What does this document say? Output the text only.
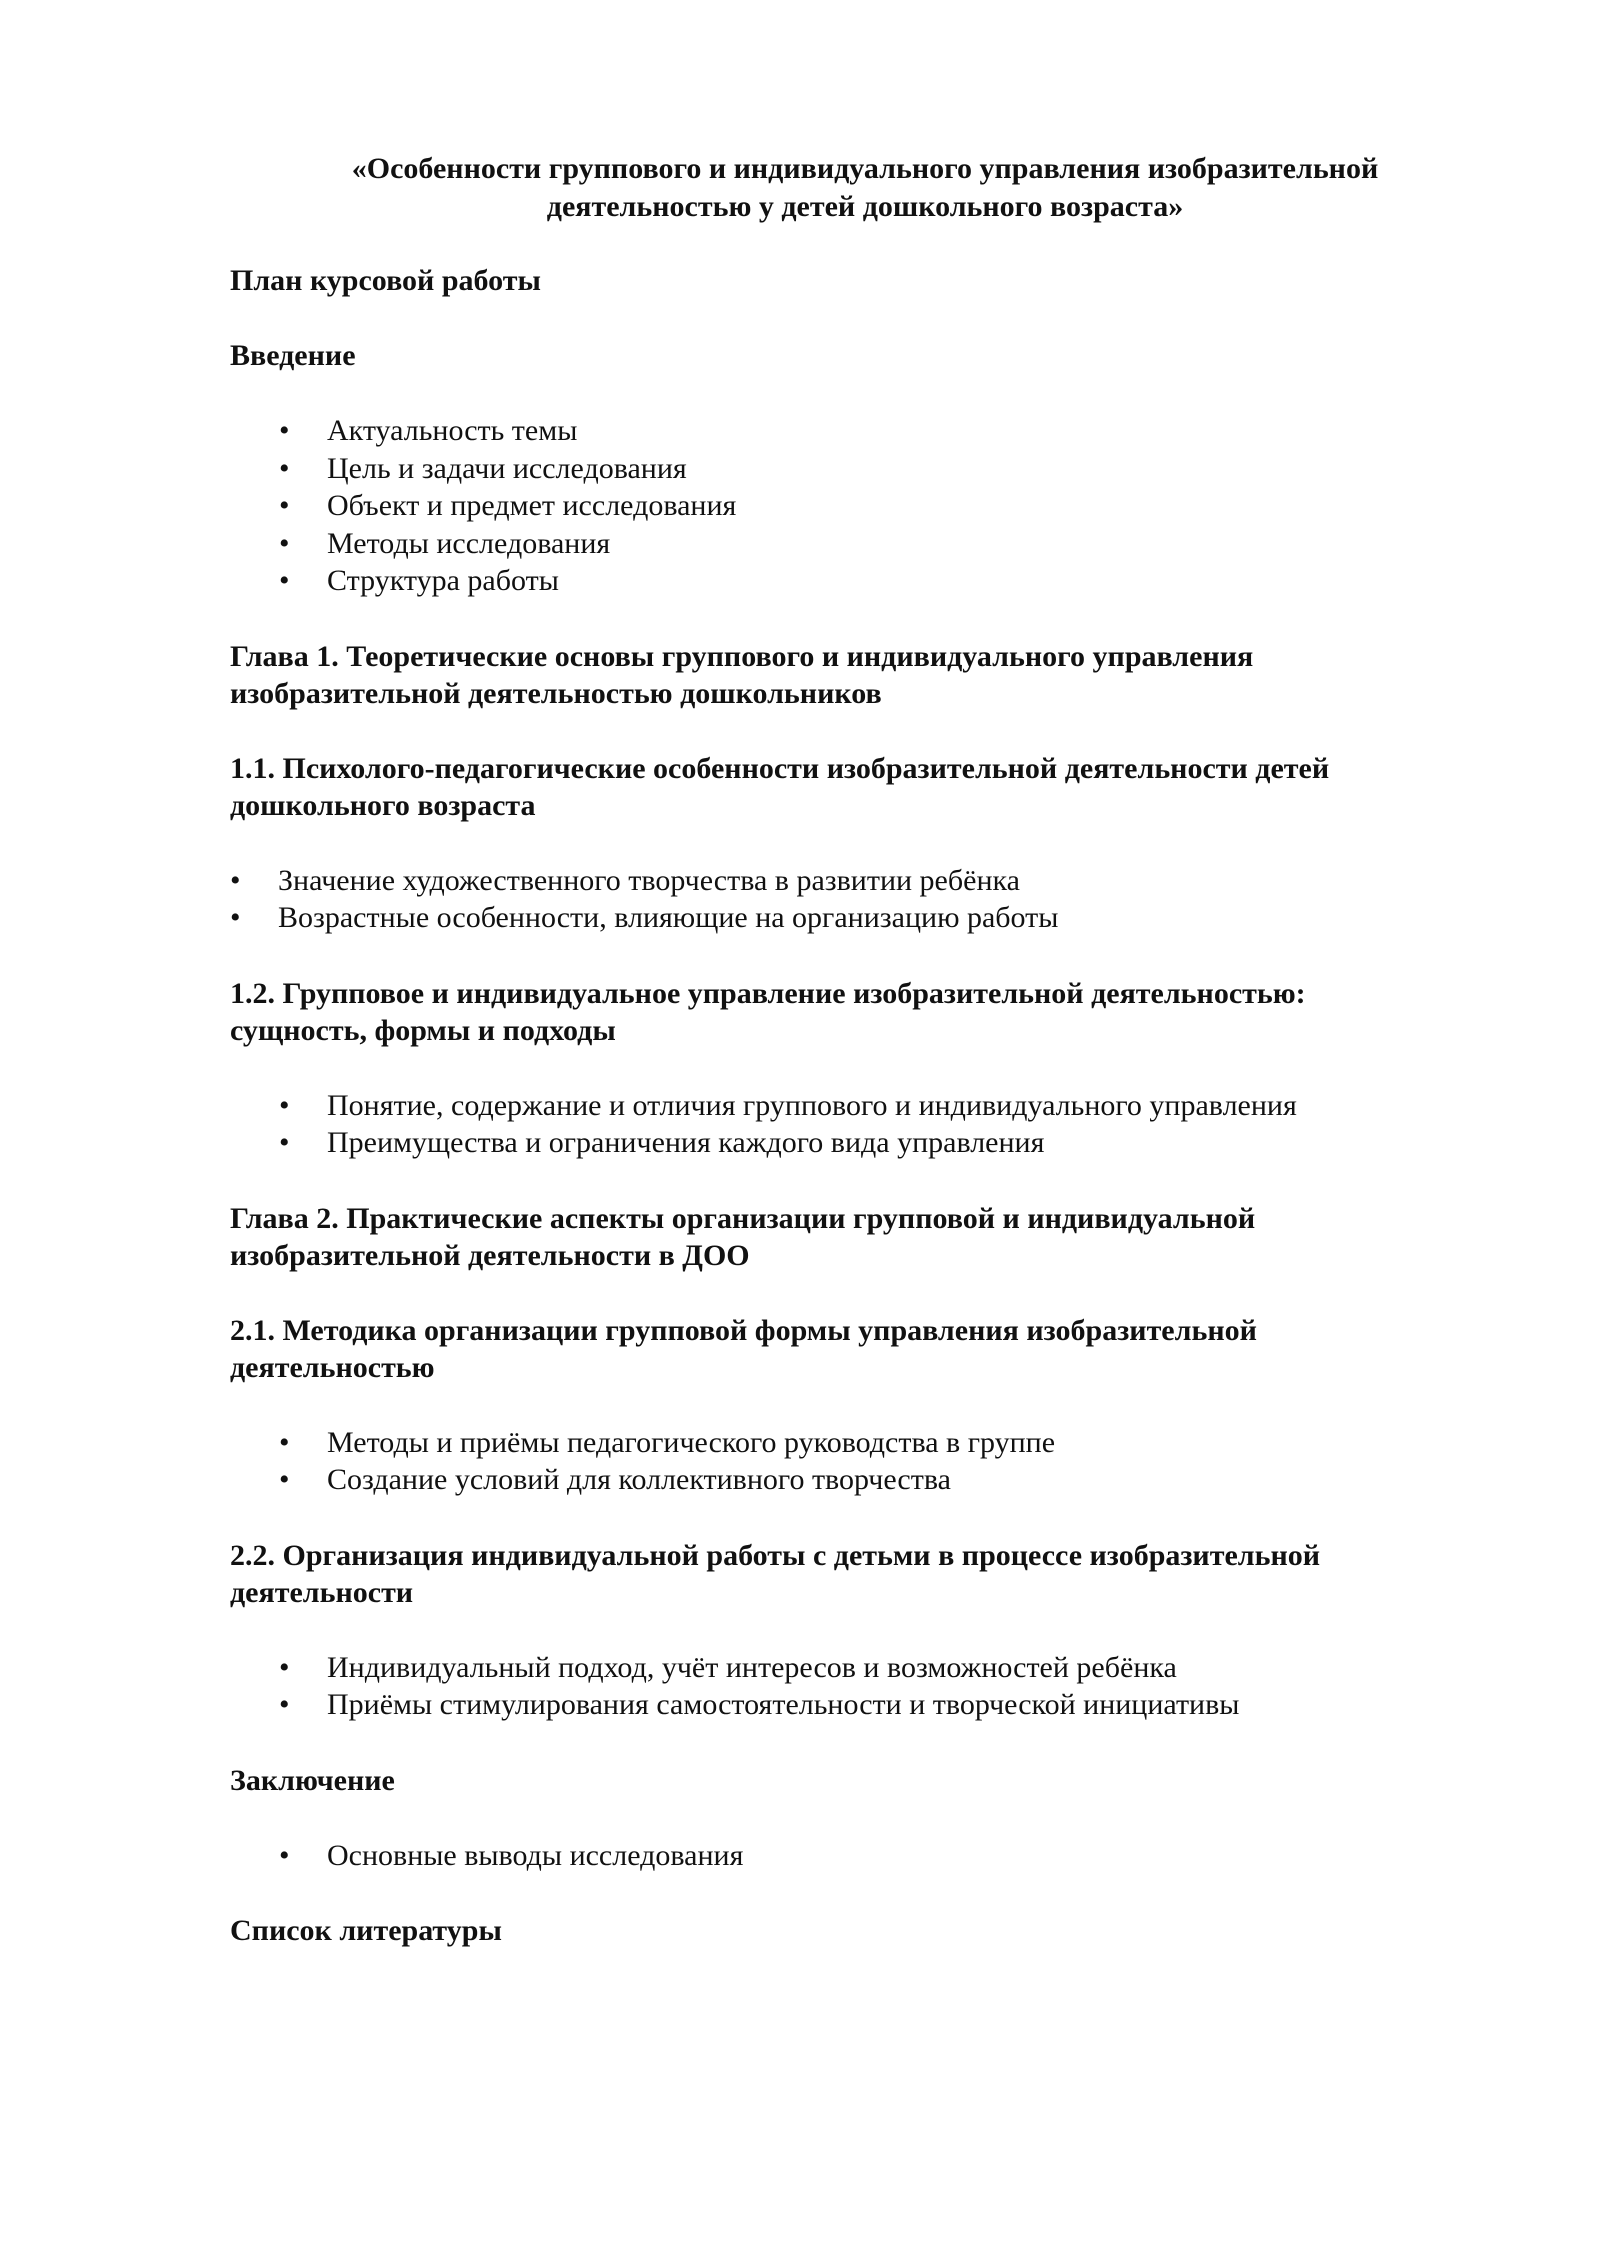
«Особенности группового и индивидуального управления изобразительной
деятельностью у детей дошкольного возраста»

План курсовой работы

Введение

• Актуальность темы
• Цель и задачи исследования
• Объект и предмет исследования
• Методы исследования
• Структура работы

Глава 1. Теоретические основы группового и индивидуального управления
изобразительной деятельностью дошкольников

1.1. Психолого-педагогические особенности изобразительной деятельности детей
дошкольного возраста

• Значение художественного творчества в развитии ребёнка
• Возрастные особенности, влияющие на организацию работы

1.2. Групповое и индивидуальное управление изобразительной деятельностью:
сущность, формы и подходы

• Понятие, содержание и отличия группового и индивидуального управления
• Преимущества и ограничения каждого вида управления

Глава 2. Практические аспекты организации групповой и индивидуальной
изобразительной деятельности в ДОО

2.1. Методика организации групповой формы управления изобразительной
деятельностью

• Методы и приёмы педагогического руководства в группе
• Создание условий для коллективного творчества

2.2. Организация индивидуальной работы с детьми в процессе изобразительной
деятельности

• Индивидуальный подход, учёт интересов и возможностей ребёнка
• Приёмы стимулирования самостоятельности и творческой инициативы

Заключение

• Основные выводы исследования

Список литературы
